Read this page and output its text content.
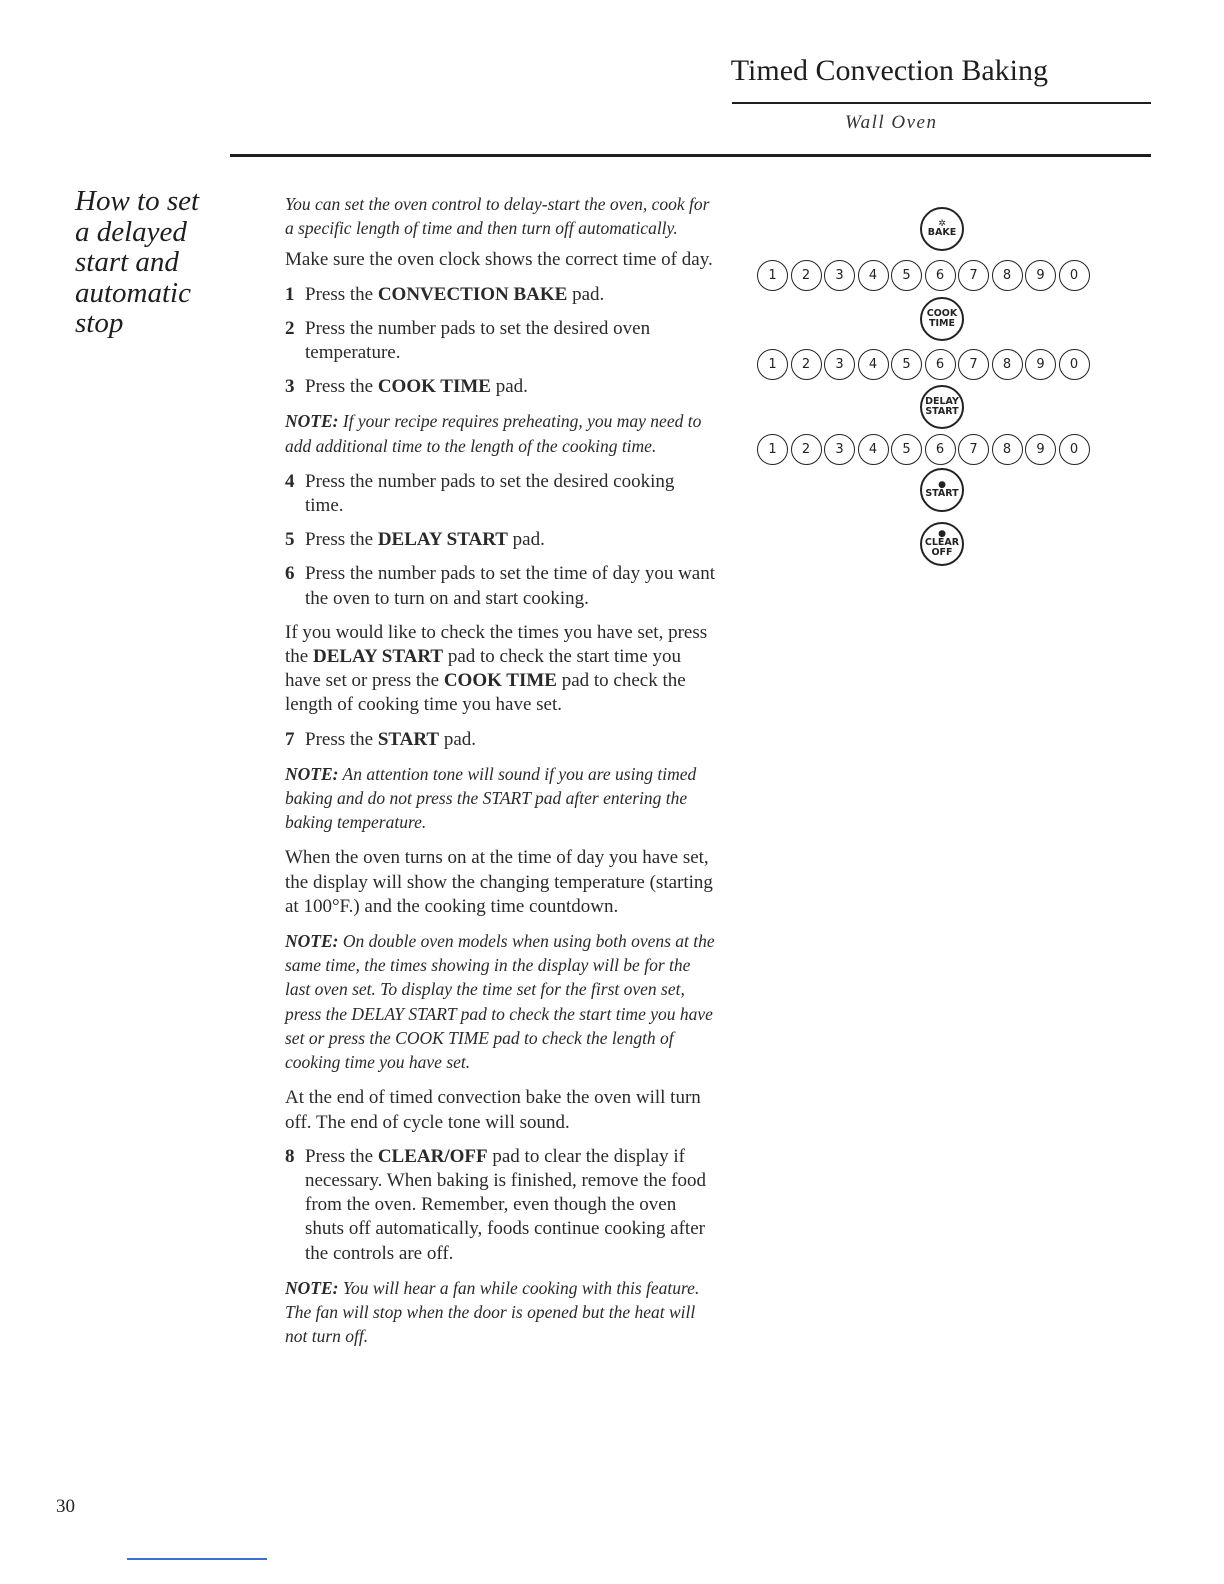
Timed Convection Baking
Wall Oven
How to set
a delayed
start and
automatic
stop

You can set the oven control to delay-start the oven, cook for a specific length of time and then turn off automatically.

Make sure the oven clock shows the correct time of day.

1 Press the CONVECTION BAKE pad.

2 Press the number pads to set the desired oven temperature.

3 Press the COOK TIME pad.

NOTE: If your recipe requires preheating, you may need to add additional time to the length of the cooking time.

4 Press the number pads to set the desired cooking time.

5 Press the DELAY START pad.

6 Press the number pads to set the time of day you want the oven to turn on and start cooking.

If you would like to check the times you have set, press the DELAY START pad to check the start time you have set or press the COOK TIME pad to check the length of cooking time you have set.

7 Press the START pad.

NOTE: An attention tone will sound if you are using timed baking and do not press the START pad after entering the baking temperature.

When the oven turns on at the time of day you have set, the display will show the changing temperature (starting at 100°F.) and the cooking time countdown.

NOTE: On double oven models when using both ovens at the same time, the times showing in the display will be for the last oven set. To display the time set for the first oven set, press the DELAY START pad to check the start time you have set or press the COOK TIME pad to check the length of cooking time you have set.

At the end of timed convection bake the oven will turn off. The end of cycle tone will sound.

8 Press the CLEAR/OFF pad to clear the display if necessary. When baking is finished, remove the food from the oven. Remember, even though the oven shuts off automatically, foods continue cooking after the controls are off.

NOTE: You will hear a fan while cooking with this feature. The fan will stop when the door is opened but the heat will not turn off.

✲
BAKE
1	2	3	4	5	6	7	8	9	0
COOK
TIME
1	2	3	4	5	6	7	8	9	0
DELAY
START
1	2	3	4	5	6	7	8	9	0
●
START
●
CLEAR
OFF
30
